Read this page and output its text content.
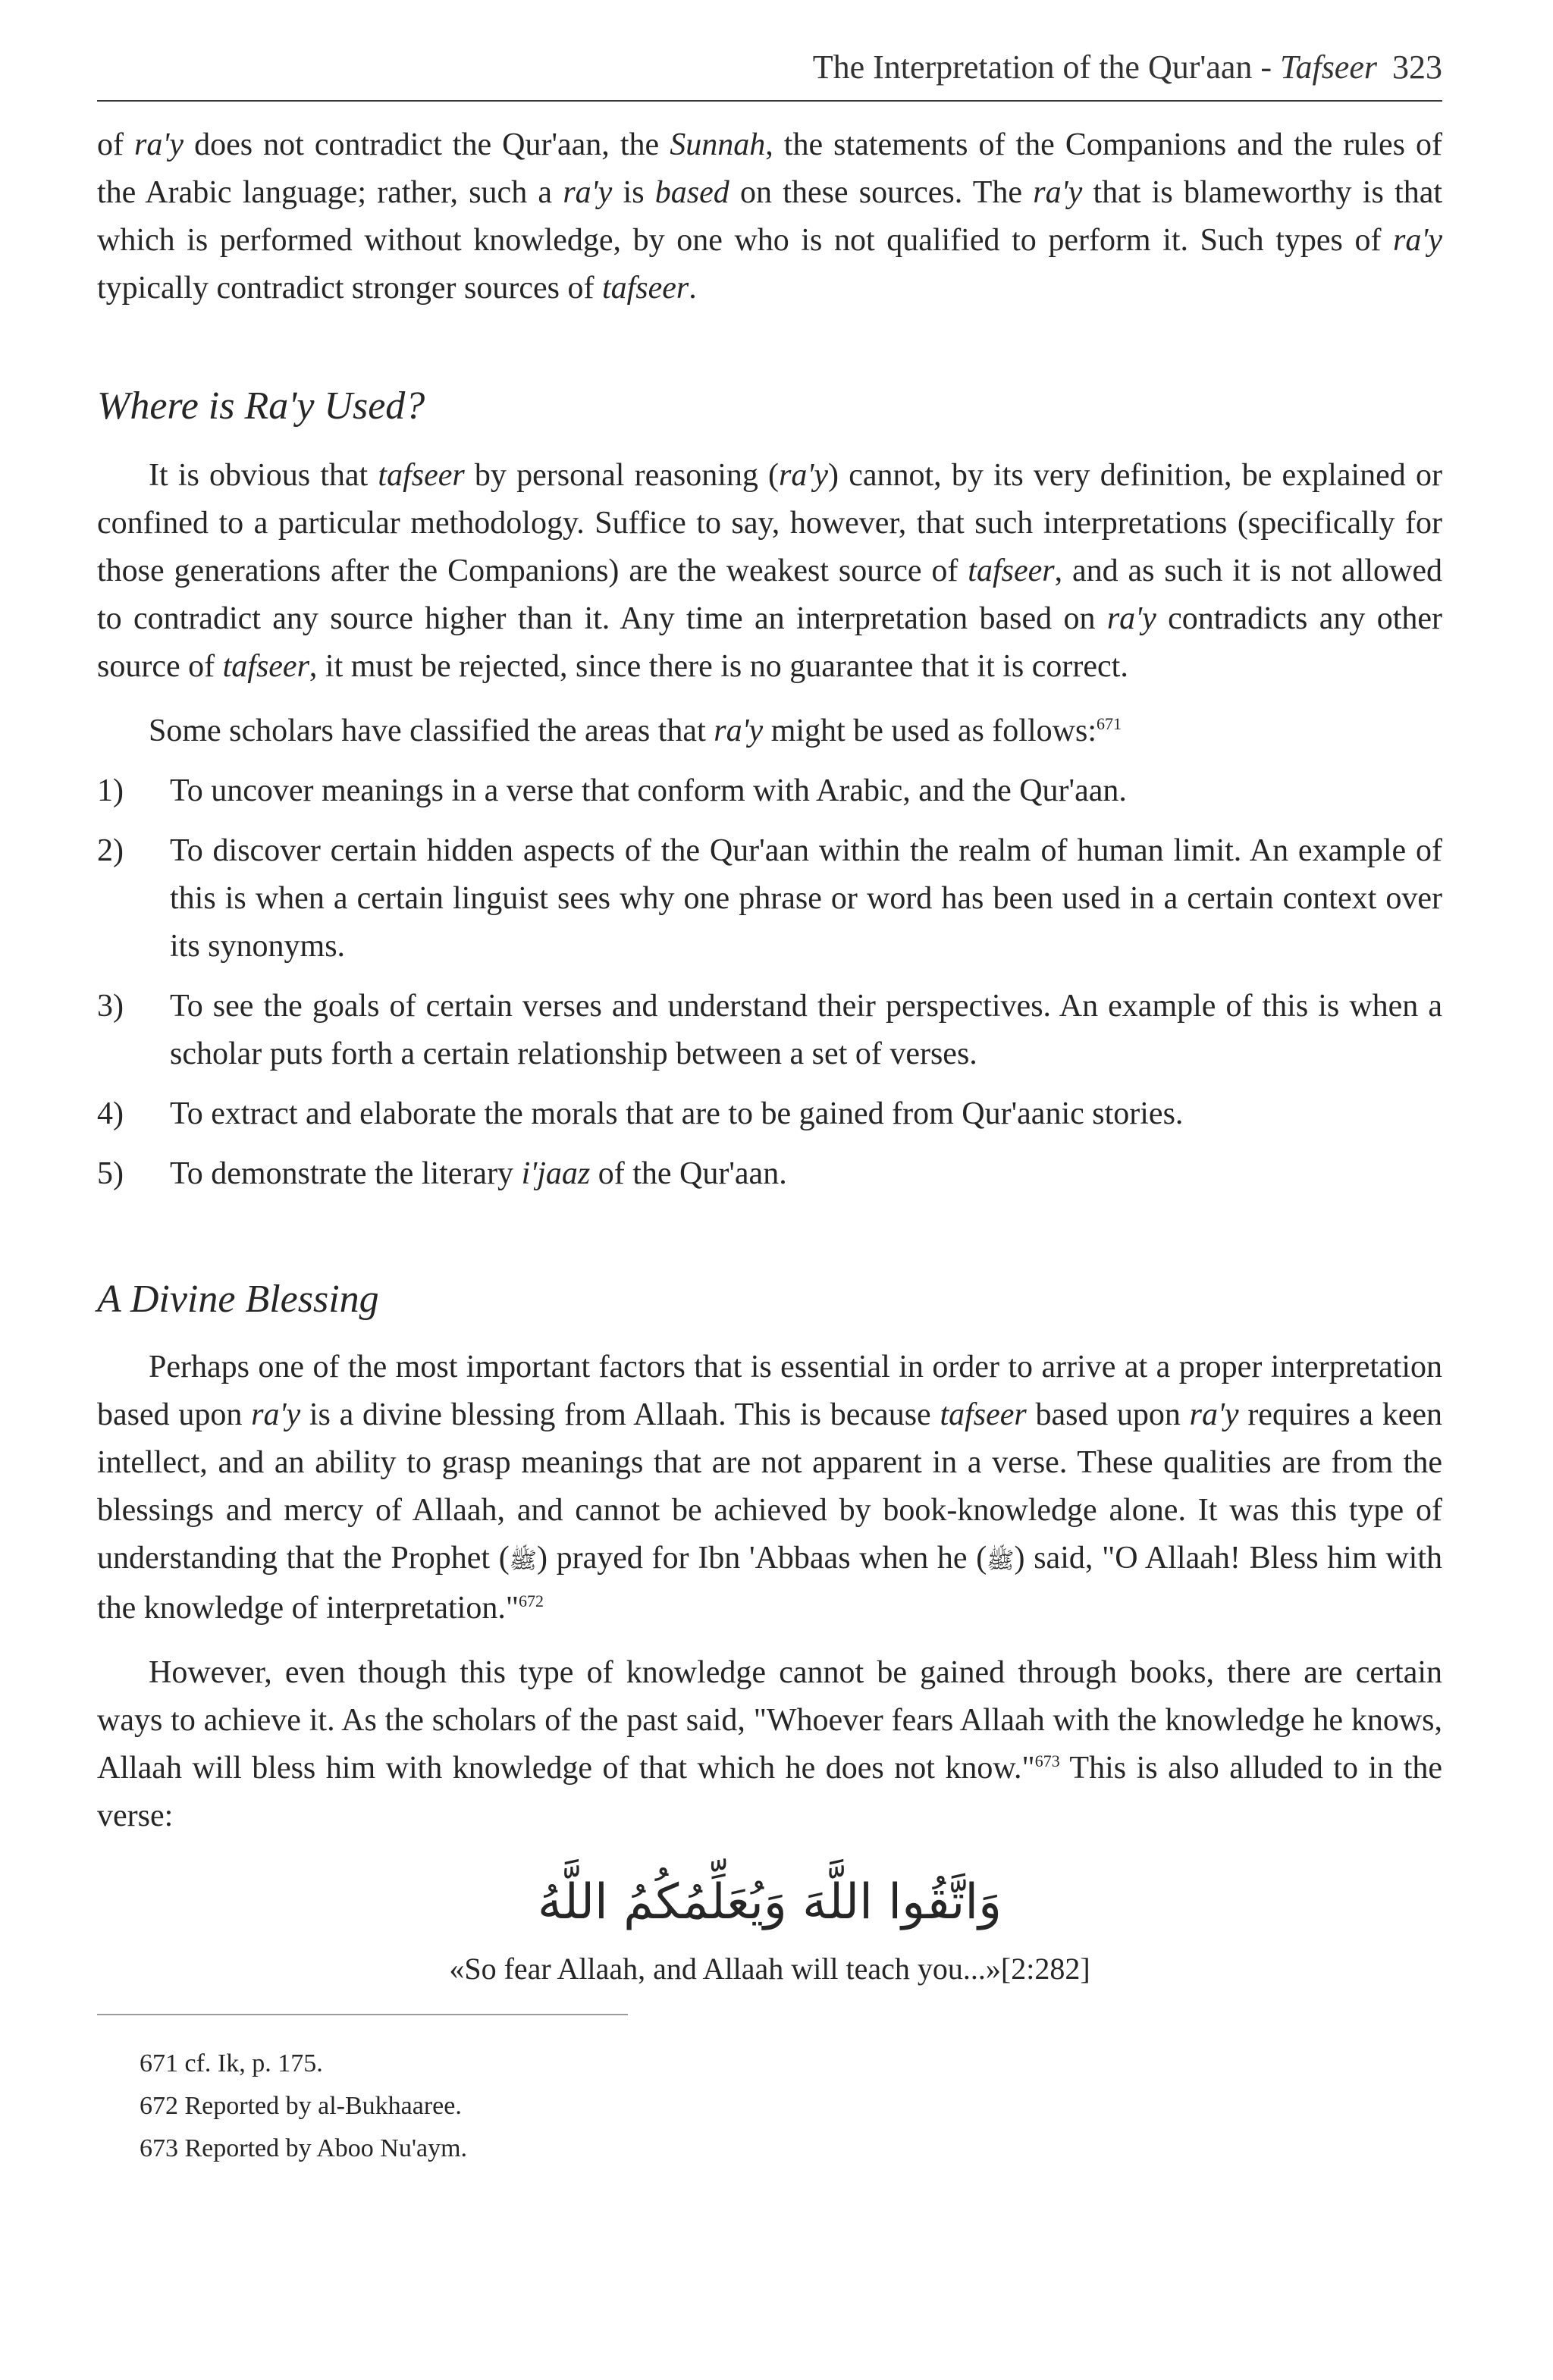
The Interpretation of the Qur'aan - Tafseer 323

of ra'y does not contradict the Qur'aan, the Sunnah, the statements of the Companions and the rules of the Arabic language; rather, such a ra'y is based on these sources. The ra'y that is blameworthy is that which is performed without knowledge, by one who is not qualified to perform it. Such types of ra'y typically contradict stronger sources of tafseer.

Where is Ra'y Used?

It is obvious that tafseer by personal reasoning (ra'y) cannot, by its very definition, be explained or confined to a particular methodology. Suffice to say, however, that such interpretations (specifically for those generations after the Companions) are the weakest source of tafseer, and as such it is not allowed to contradict any source higher than it. Any time an interpretation based on ra'y contradicts any other source of tafseer, it must be rejected, since there is no guarantee that it is correct.

Some scholars have classified the areas that ra'y might be used as follows:$^{671}$

1) To uncover meanings in a verse that conform with Arabic, and the Qur'aan.
2) To discover certain hidden aspects of the Qur'aan within the realm of human limit. An example of this is when a certain linguist sees why one phrase or word has been used in a certain context over its synonyms.
3) To see the goals of certain verses and understand their perspectives. An example of this is when a scholar puts forth a certain relationship between a set of verses.
4) To extract and elaborate the morals that are to be gained from Qur'aanic stories.
5) To demonstrate the literary i'jaaz of the Qur'aan.
A Divine Blessing

Perhaps one of the most important factors that is essential in order to arrive at a proper interpretation based upon ra'y is a divine blessing from Allaah. This is because tafseer based upon ra'y requires a keen intellect, and an ability to grasp meanings that are not apparent in a verse. These qualities are from the blessings and mercy of Allaah, and cannot be achieved by book-knowledge alone. It was this type of understanding that the Prophet (ﷺ) prayed for Ibn 'Abbaas when he (ﷺ) said, "O Allaah! Bless him with the knowledge of interpretation."$^{672}$

However, even though this type of knowledge cannot be gained through books, there are certain ways to achieve it. As the scholars of the past said, "Whoever fears Allaah with the knowledge he knows, Allaah will bless him with knowledge of that which he does not know."$^{673}$ This is also alluded to in the verse:

وَاتَّقُوا اللَّهَ وَيُعَلِّمُكُمُ اللَّهُ
«So fear Allaah, and Allaah will teach you...»[2:282]
671 cf. Ik, p. 175.
672 Reported by al-Bukhaaree.
673 Reported by Aboo Nu'aym.
